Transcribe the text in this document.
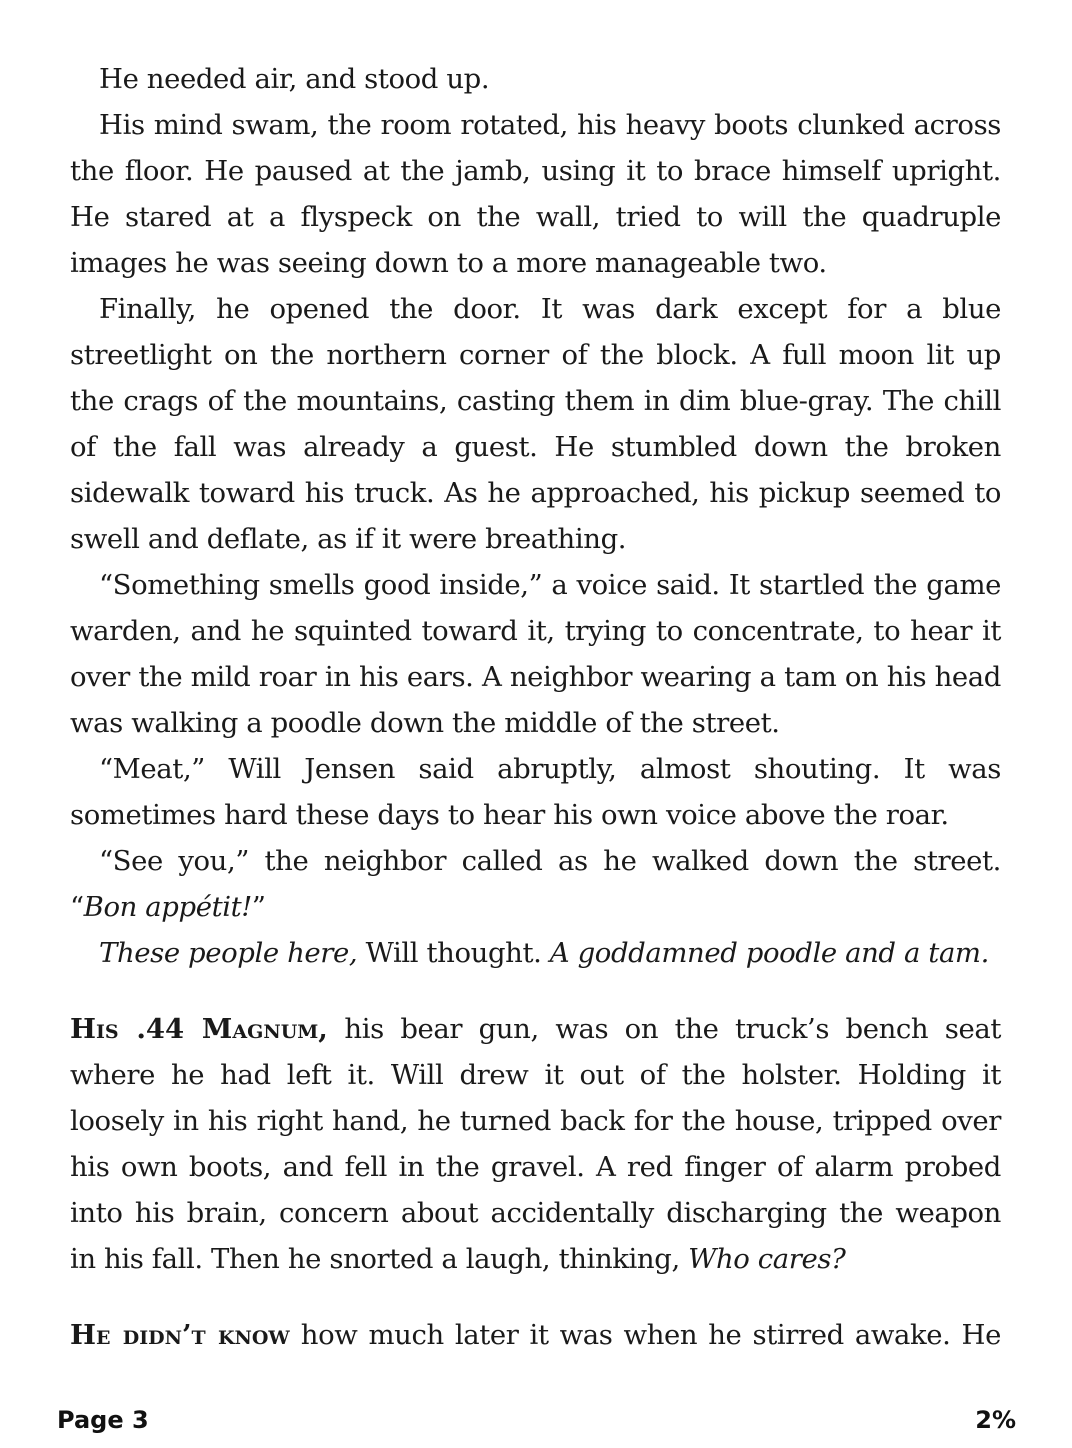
He needed air, and stood up.

His mind swam, the room rotated, his heavy boots clunked across the floor. He paused at the jamb, using it to brace himself upright. He stared at a flyspeck on the wall, tried to will the quadruple images he was seeing down to a more manageable two.

Finally, he opened the door. It was dark except for a blue streetlight on the northern corner of the block. A full moon lit up the crags of the mountains, casting them in dim blue-gray. The chill of the fall was already a guest. He stumbled down the broken sidewalk toward his truck. As he approached, his pickup seemed to swell and deflate, as if it were breathing.

“Something smells good inside,” a voice said. It startled the game warden, and he squinted toward it, trying to concentrate, to hear it over the mild roar in his ears. A neighbor wearing a tam on his head was walking a poodle down the middle of the street.

“Meat,” Will Jensen said abruptly, almost shouting. It was sometimes hard these days to hear his own voice above the roar.

“See you,” the neighbor called as he walked down the street. “Bon appétit!”

These people here, Will thought. A goddamned poodle and a tam.

His .44 Magnum, his bear gun, was on the truck’s bench seat where he had left it. Will drew it out of the holster. Holding it loosely in his right hand, he turned back for the house, tripped over his own boots, and fell in the gravel. A red finger of alarm probed into his brain, concern about accidentally discharging the weapon in his fall. Then he snorted a laugh, thinking, Who cares?

He didn’t know how much later it was when he stirred awake. He

Page 3	2%
